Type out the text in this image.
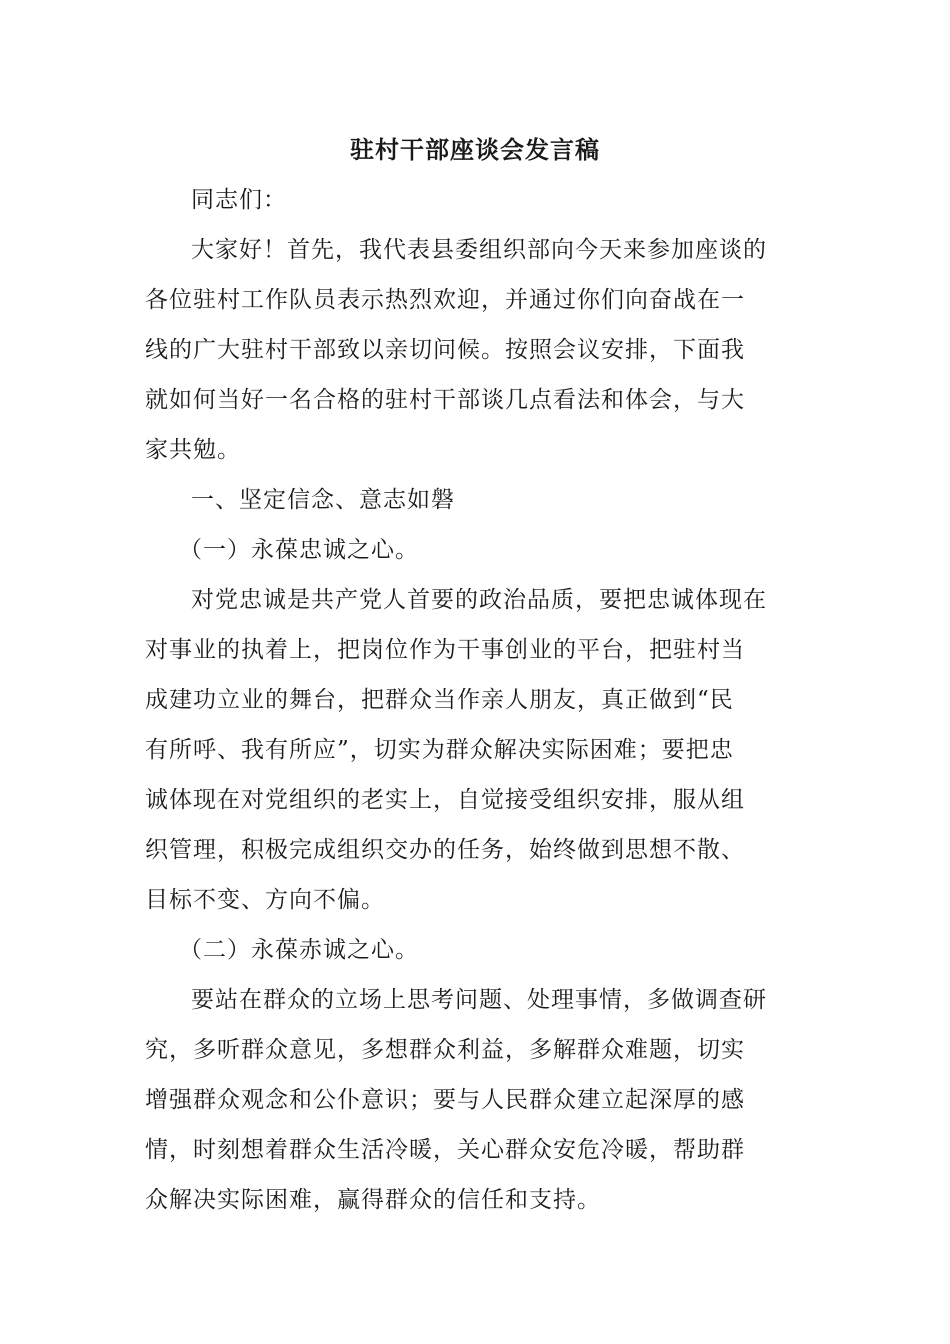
驻村干部座谈会发言稿

同志们：

大家好！首先，我代表县委组织部向今天来参加座谈的
各位驻村工作队员表示热烈欢迎，并通过你们向奋战在一
线的广大驻村干部致以亲切问候。按照会议安排，下面我
就如何当好一名合格的驻村干部谈几点看法和体会，与大
家共勉。

一、坚定信念、意志如磐

（一）永葆忠诚之心。

对党忠诚是共产党人首要的政治品质，要把忠诚体现在
对事业的执着上，把岗位作为干事创业的平台，把驻村当
成建功立业的舞台，把群众当作亲人朋友，真正做到“民
有所呼、我有所应”，切实为群众解决实际困难；要把忠
诚体现在对党组织的老实上，自觉接受组织安排，服从组
织管理，积极完成组织交办的任务，始终做到思想不散、
目标不变、方向不偏。

（二）永葆赤诚之心。

要站在群众的立场上思考问题、处理事情，多做调查研
究，多听群众意见，多想群众利益，多解群众难题，切实
增强群众观念和公仆意识；要与人民群众建立起深厚的感
情，时刻想着群众生活冷暖，关心群众安危冷暖，帮助群
众解决实际困难，赢得群众的信任和支持。
